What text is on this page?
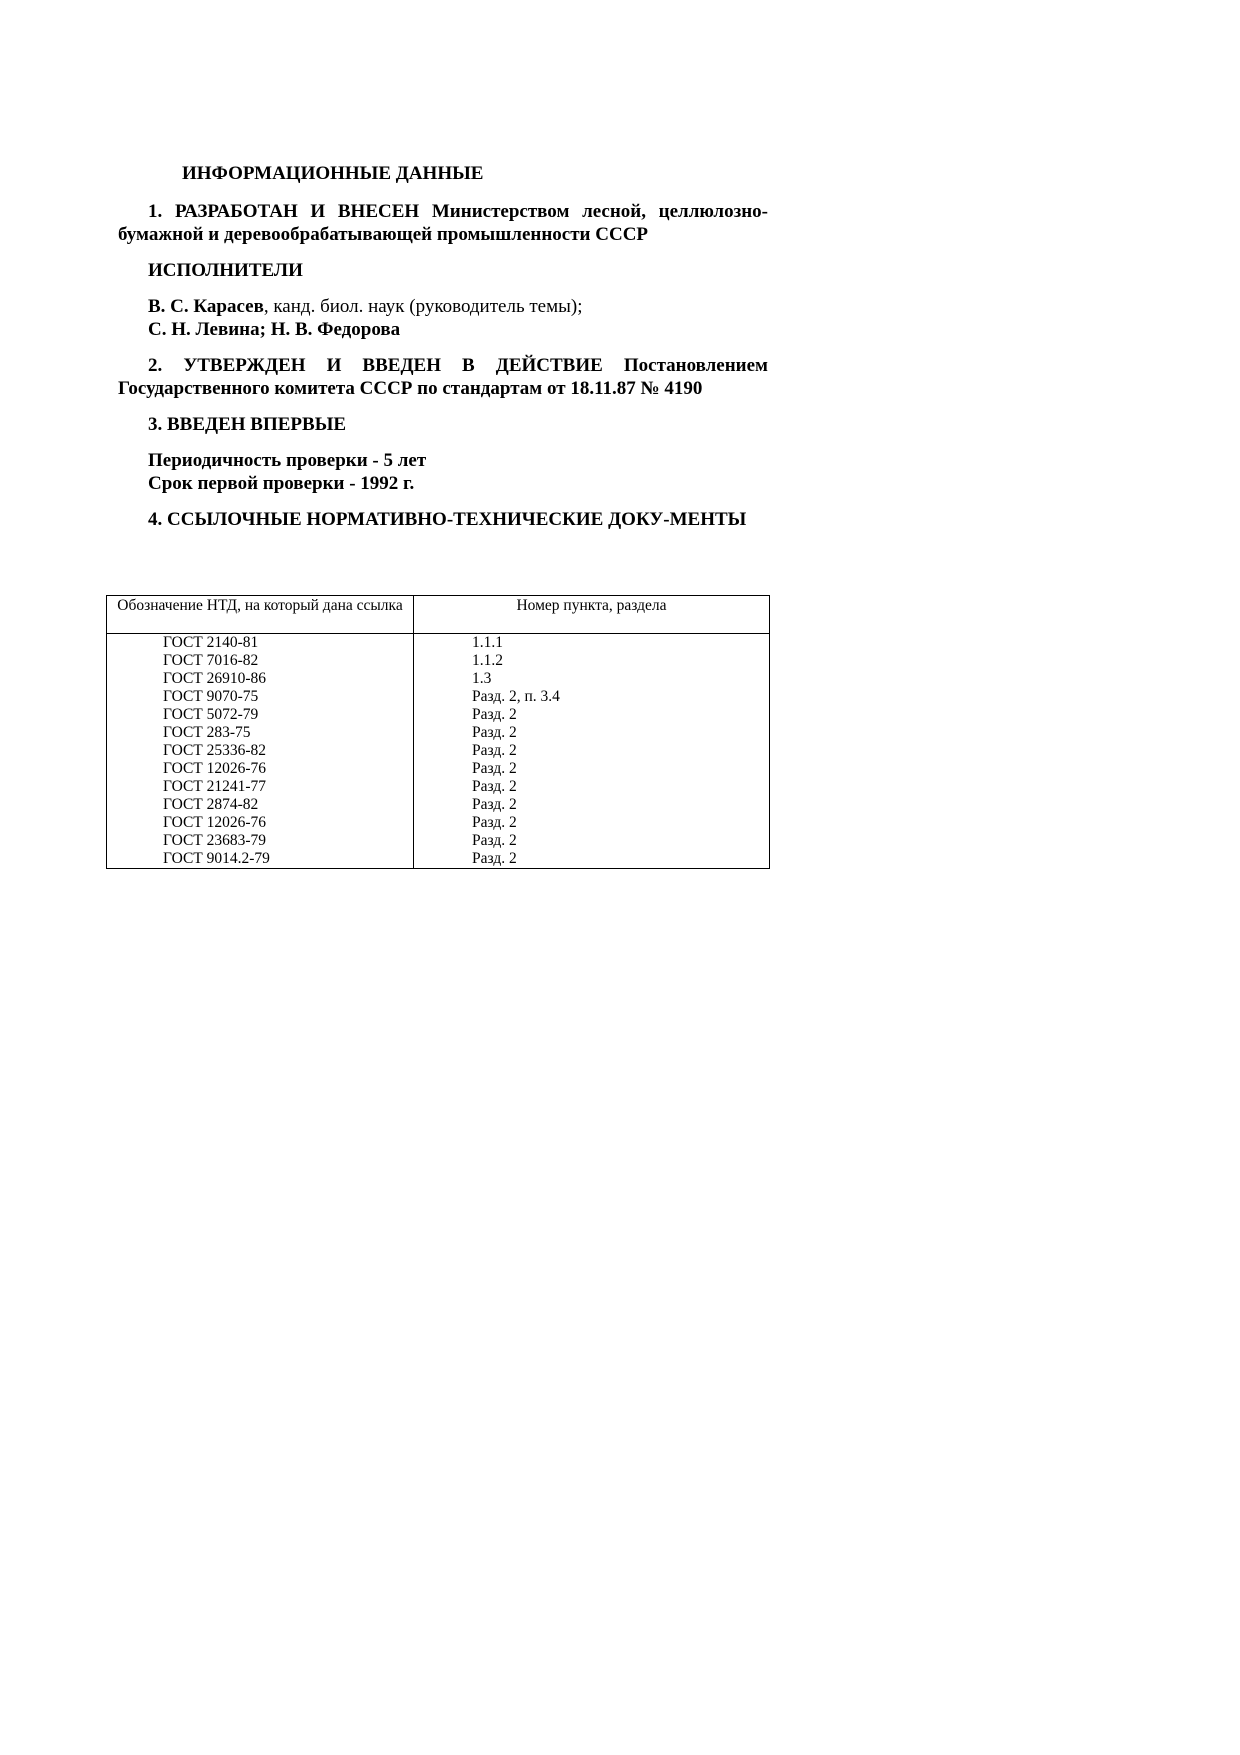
ИНФОРМАЦИОННЫЕ ДАННЫЕ
1. РАЗРАБОТАН И ВНЕСЕН Министерством лесной, целлюлозно-бумажной и деревообрабатывающей промышленности СССР
ИСПОЛНИТЕЛИ
В. С. Карасев, канд. биол. наук (руководитель темы);
С. Н. Левина; Н. В. Федорова
2. УТВЕРЖДЕН И ВВЕДЕН В ДЕЙСТВИЕ Постановлением Государственного комитета СССР по стандартам от 18.11.87 № 4190
3. ВВЕДЕН ВПЕРВЫЕ
Периодичность проверки - 5 лет
Срок первой проверки - 1992 г.
4. ССЫЛОЧНЫЕ НОРМАТИВНО-ТЕХНИЧЕСКИЕ ДОКУ-МЕНТЫ
Обозначение НТД, на который дана ссылка	Номер пункта, раздела
ГОСТ 2140-81	1.1.1
ГОСТ 7016-82	1.1.2
ГОСТ 26910-86	1.3
ГОСТ 9070-75	Разд. 2, п. 3.4
ГОСТ 5072-79	Разд. 2
ГОСТ 283-75	Разд. 2
ГОСТ 25336-82	Разд. 2
ГОСТ 12026-76	Разд. 2
ГОСТ 21241-77	Разд. 2
ГОСТ 2874-82	Разд. 2
ГОСТ 12026-76	Разд. 2
ГОСТ 23683-79	Разд. 2
ГОСТ 9014.2-79	Разд. 2
